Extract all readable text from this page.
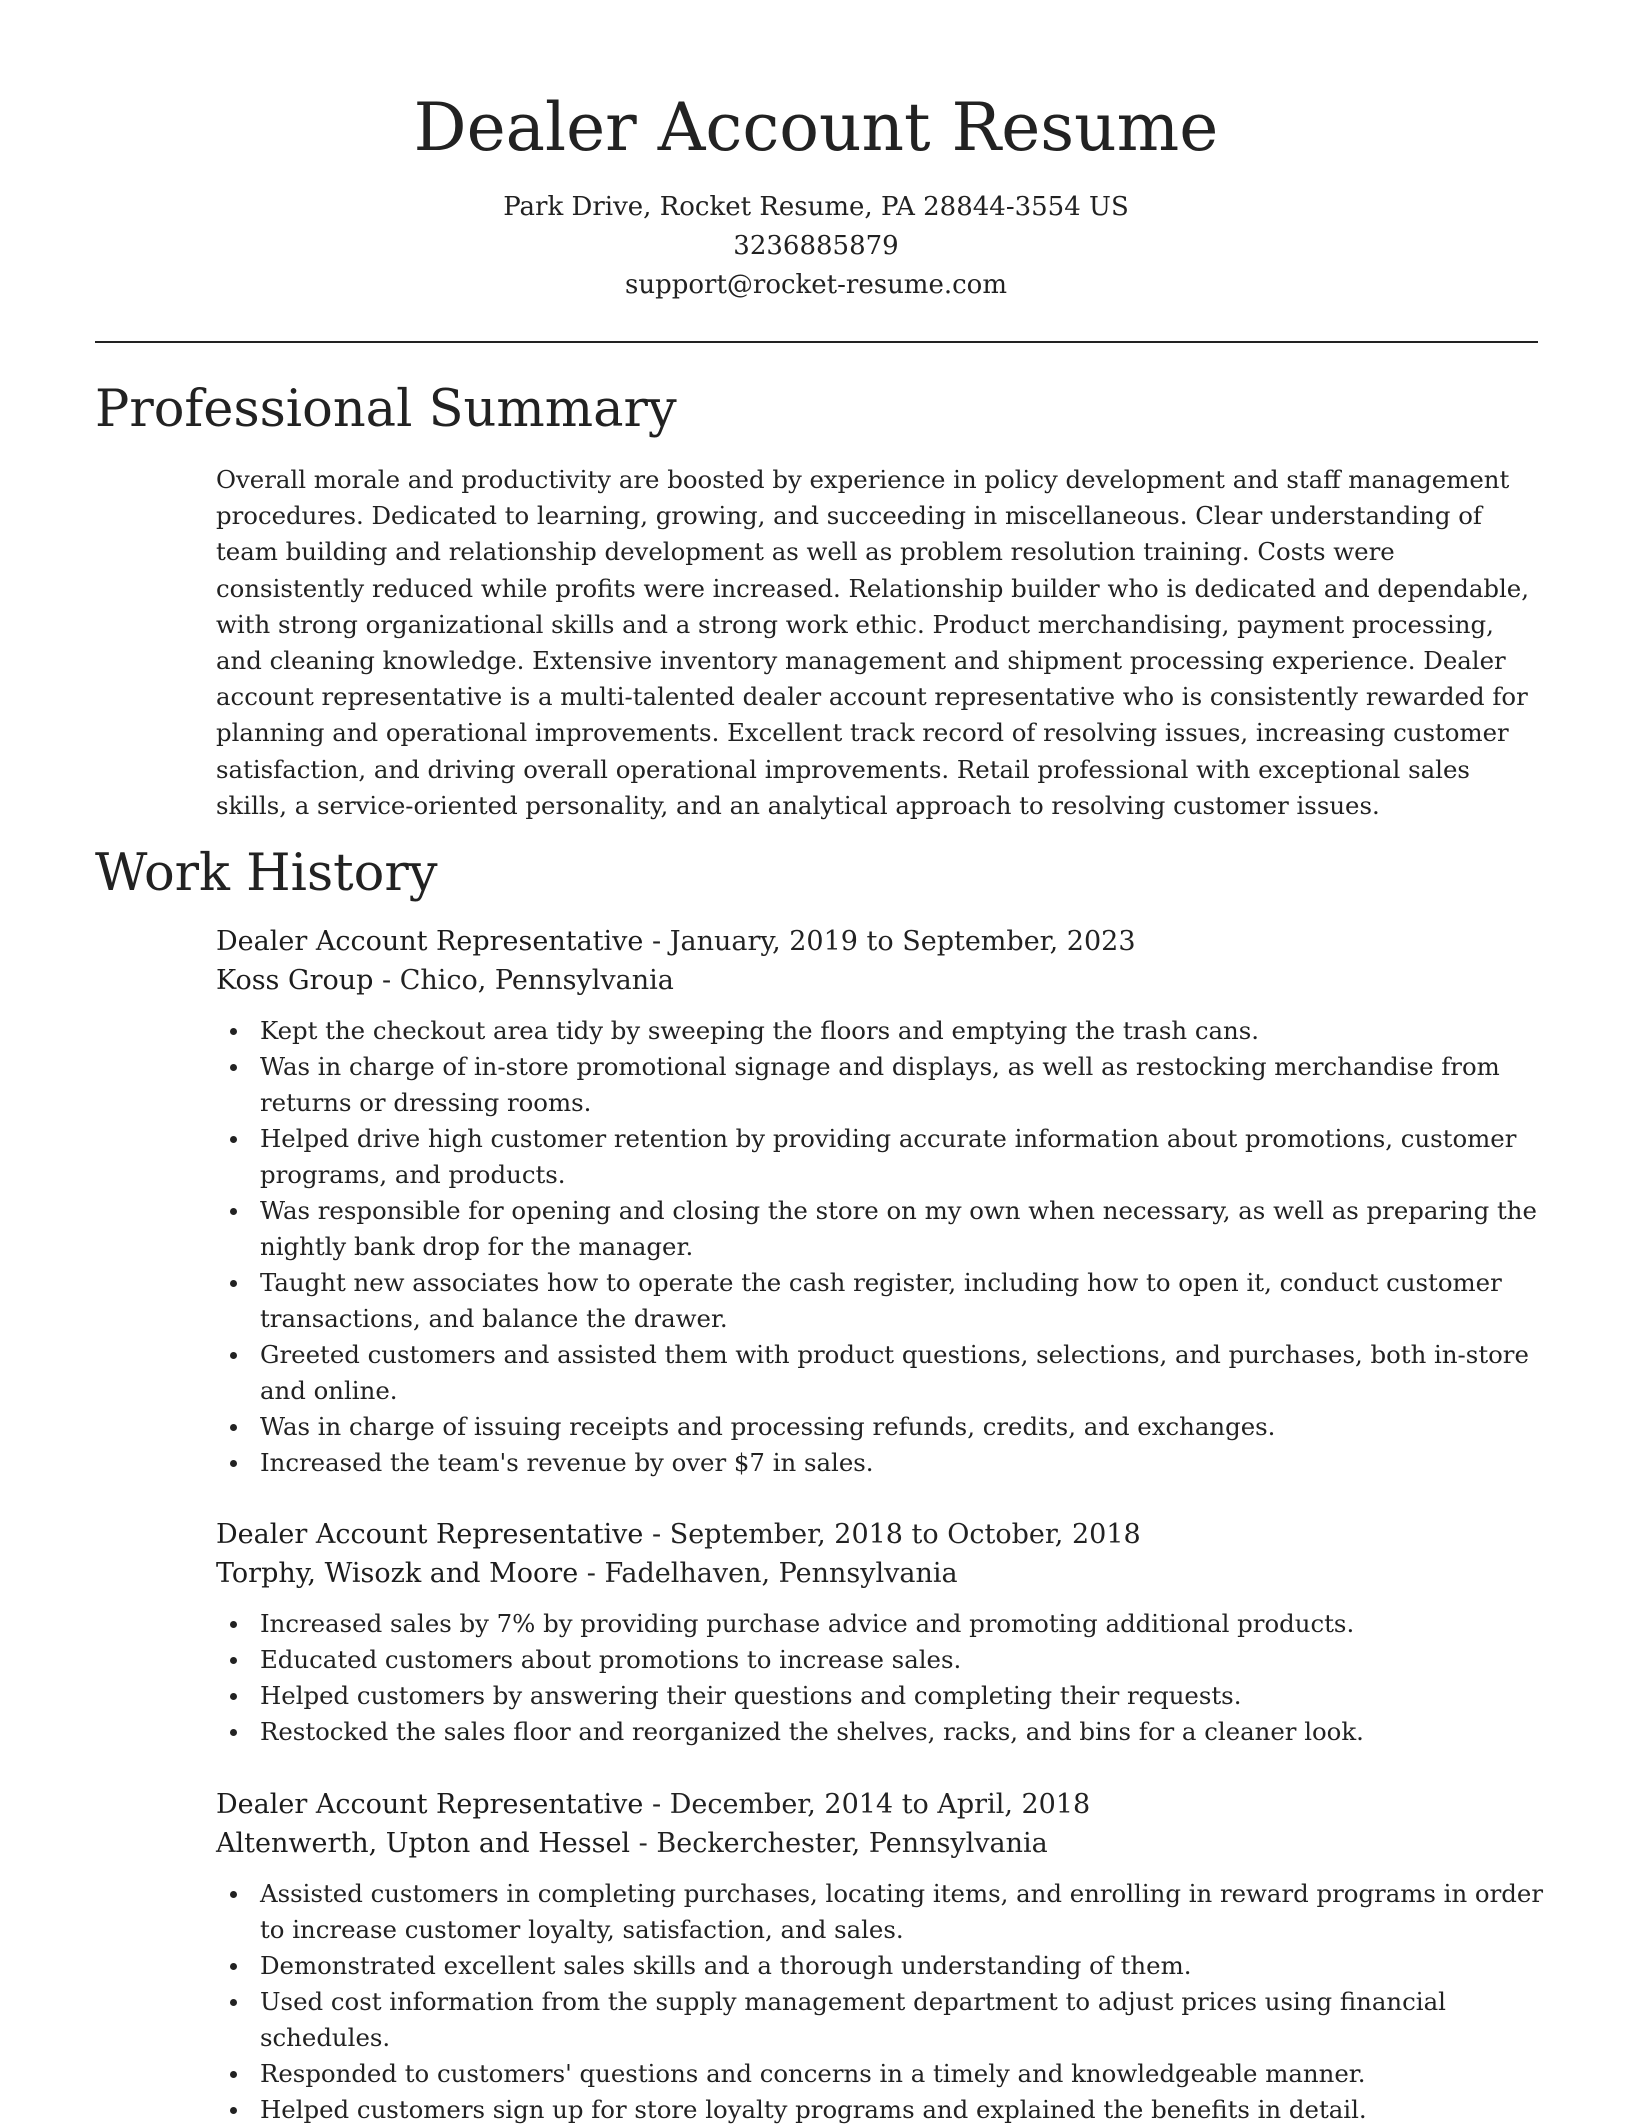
Dealer Account Resume
Park Drive, Rocket Resume, PA 28844-3554 US
3236885879
support@rocket-resume.com
Professional Summary

Overall morale and productivity are boosted by experience in policy development and staff management procedures. Dedicated to learning, growing, and succeeding in miscellaneous. Clear understanding of team building and relationship development as well as problem resolution training. Costs were consistently reduced while profits were increased. Relationship builder who is dedicated and dependable, with strong organizational skills and a strong work ethic. Product merchandising, payment processing, and cleaning knowledge. Extensive inventory management and shipment processing experience. Dealer account representative is a multi-talented dealer account representative who is consistently rewarded for planning and operational improvements. Excellent track record of resolving issues, increasing customer satisfaction, and driving overall operational improvements. Retail professional with exceptional sales skills, a service-oriented personality, and an analytical approach to resolving customer issues.

Work History
Dealer Account Representative - January, 2019 to September, 2023
Koss Group - Chico, Pennsylvania
Kept the checkout area tidy by sweeping the floors and emptying the trash cans.
Was in charge of in-store promotional signage and displays, as well as restocking merchandise from returns or dressing rooms.
Helped drive high customer retention by providing accurate information about promotions, customer programs, and products.
Was responsible for opening and closing the store on my own when necessary, as well as preparing the nightly bank drop for the manager.
Taught new associates how to operate the cash register, including how to open it, conduct customer transactions, and balance the drawer.
Greeted customers and assisted them with product questions, selections, and purchases, both in-store and online.
Was in charge of issuing receipts and processing refunds, credits, and exchanges.
Increased the team's revenue by over $7 in sales.
Dealer Account Representative - September, 2018 to October, 2018
Torphy, Wisozk and Moore - Fadelhaven, Pennsylvania
Increased sales by 7% by providing purchase advice and promoting additional products.
Educated customers about promotions to increase sales.
Helped customers by answering their questions and completing their requests.
Restocked the sales floor and reorganized the shelves, racks, and bins for a cleaner look.
Dealer Account Representative - December, 2014 to April, 2018
Altenwerth, Upton and Hessel - Beckerchester, Pennsylvania
Assisted customers in completing purchases, locating items, and enrolling in reward programs in order to increase customer loyalty, satisfaction, and sales.
Demonstrated excellent sales skills and a thorough understanding of them.
Used cost information from the supply management department to adjust prices using financial schedules.
Responded to customers' questions and concerns in a timely and knowledgeable manner.
Helped customers sign up for store loyalty programs and explained the benefits in detail.
